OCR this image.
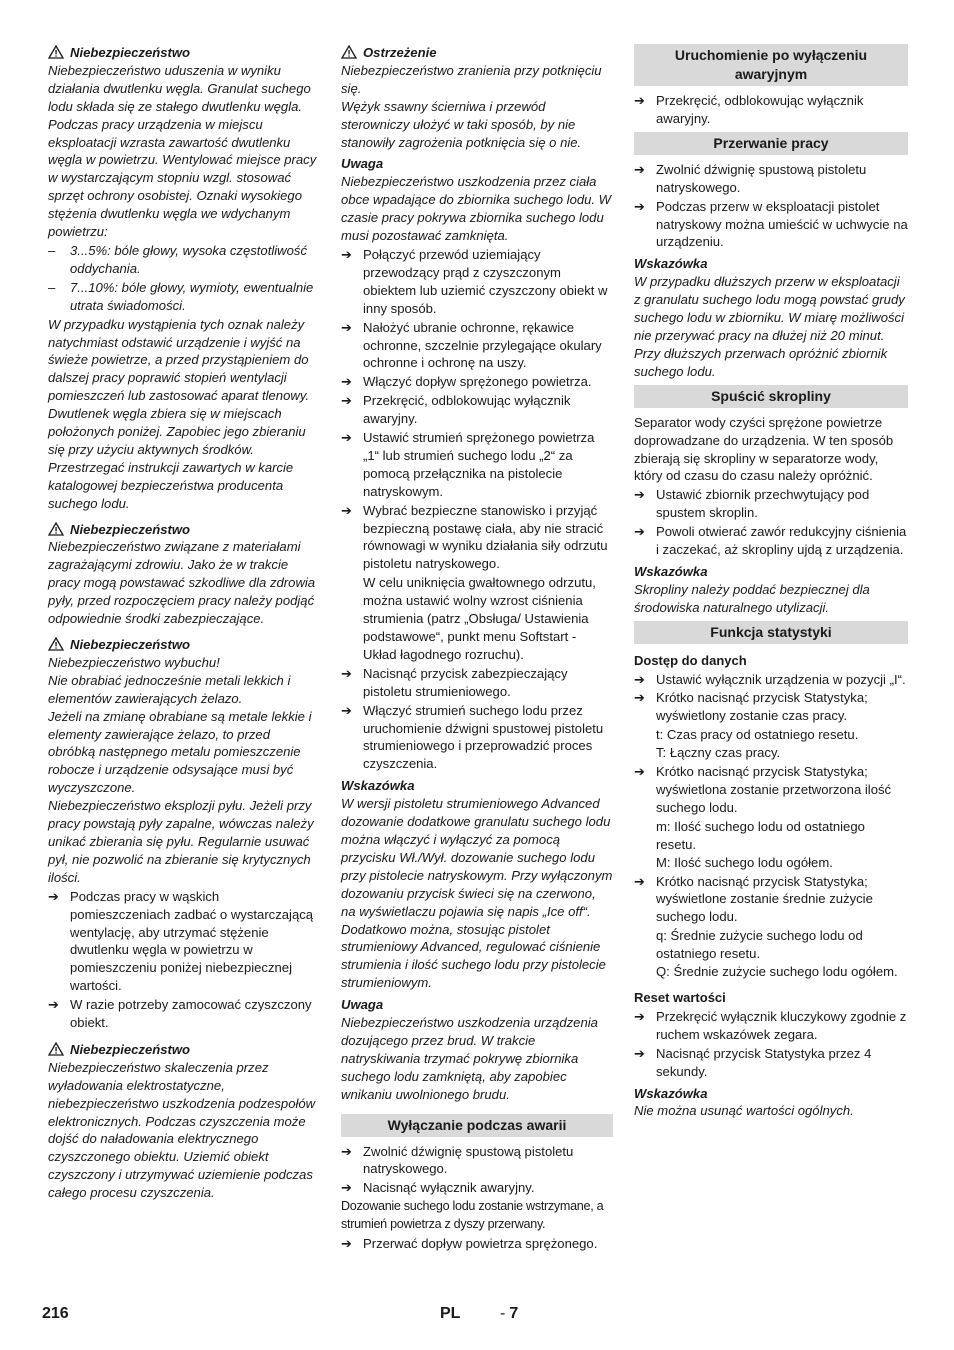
Niebezpieczeństwo

Niebezpieczeństwo uduszenia w wyniku działania dwutlenku węgla. Granulat suchego lodu składa się ze stałego dwutlenku węgla. Podczas pracy urządzenia w miejscu eksploatacji wzrasta zawartość dwutlenku węgla w powietrzu. Wentylować miejsce pracy w wystarczającym stopniu wzgl. stosować sprzęt ochrony osobistej. Oznaki wysokiego stężenia dwutlenku węgla we wdychanym powietrzu:

–	3...5%: bóle głowy, wysoka częstotliwość oddychania.
–	7...10%: bóle głowy, wymioty, ewentualnie utrata świadomości.

W przypadku wystąpienia tych oznak należy natychmiast odstawić urządzenie i wyjść na świeże powietrze, a przed przystąpieniem do dalszej pracy poprawić stopień wentylacji pomieszczeń lub zastosować aparat tlenowy.

Dwutlenek węgla zbiera się w miejscach położonych poniżej. Zapobiec jego zbieraniu się przy użyciu aktywnych środków. Przestrzegać instrukcji zawartych w karcie katalogowej bezpieczeństwa producenta suchego lodu.

Niebezpieczeństwo

Niebezpieczeństwo związane z materiałami zagrażającymi zdrowiu. Jako że w trakcie pracy mogą powstawać szkodliwe dla zdrowia pyły, przed rozpoczęciem pracy należy podjąć odpowiednie środki zabezpieczające.

Niebezpieczeństwo

Niebezpieczeństwo wybuchu!

Nie obrabiać jednocześnie metali lekkich i elementów zawierających żelazo.

Jeżeli na zmianę obrabiane są metale lekkie i elementy zawierające żelazo, to przed obróbką następnego metalu pomieszczenie robocze i urządzenie odsysające musi być wyczyszczone.

Niebezpieczeństwo eksplozji pyłu. Jeżeli przy pracy powstają pyły zapalne, wówczas należy unikać zbierania się pyłu. Regularnie usuwać pył, nie pozwolić na zbieranie się krytycznych ilości.

➔ Podczas pracy w wąskich pomieszczeniach zadbać o wystarczającą wentylację, aby utrzymać stężenie dwutlenku węgla w powietrzu w pomieszczeniu poniżej niebezpiecznej wartości.
➔ W razie potrzeby zamocować czyszczony obiekt.

Niebezpieczeństwo

Niebezpieczeństwo skaleczenia przez wyładowania elektrostatyczne, niebezpieczeństwo uszkodzenia podzespołów elektronicznych. Podczas czyszczenia może dojść do naładowania elektrycznego czyszczonego obiektu. Uziemić obiekt czyszczony i utrzymywać uziemienie podczas całego procesu czyszczenia.

Ostrzeżenie

Niebezpieczeństwo zranienia przy potknięciu się.

Wężyk ssawny ścierniwa i przewód sterowniczy ułożyć w taki sposób, by nie stanowiły zagrożenia potknięcia się o nie.

Uwaga

Niebezpieczeństwo uszkodzenia przez ciała obce wpadające do zbiornika suchego lodu. W czasie pracy pokrywa zbiornika suchego lodu musi pozostawać zamknięta.

➔ Połączyć przewód uziemiający przewodzący prąd z czyszczonym obiektem lub uziemić czyszczony obiekt w inny sposób.
➔ Nałożyć ubranie ochronne, rękawice ochronne, szczelnie przylegające okulary ochronne i ochronę na uszy.
➔ Włączyć dopływ sprężonego powietrza.
➔ Przekręcić, odblokowując wyłącznik awaryjny.
➔ Ustawić strumień sprężonego powietrza „1“ lub strumień suchego lodu „2“ za pomocą przełącznika na pistolecie natryskowym.
➔ Wybrać bezpieczne stanowisko i przyjąć bezpieczną postawę ciała, aby nie stracić równowagi w wyniku działania siły odrzutu pistoletu natryskowego.

W celu uniknięcia gwałtownego odrzutu, można ustawić wolny wzrost ciśnienia strumienia (patrz „Obsługa/ Ustawienia podstawowe“, punkt menu Softstart - Układ łagodnego rozruchu).

➔ Nacisnąć przycisk zabezpieczający pistoletu strumieniowego.
➔ Włączyć strumień suchego lodu przez uruchomienie dźwigni spustowej pistoletu strumieniowego i przeprowadzić proces czyszczenia.

Wskazówka

W wersji pistoletu strumieniowego Advanced dozowanie dodatkowe granulatu suchego lodu można włączyć i wyłączyć za pomocą przycisku Wł./Wył. dozowanie suchego lodu przy pistolecie natryskowym. Przy wyłączonym dozowaniu przycisk świeci się na czerwono, na wyświetlaczu pojawia się napis „Ice off“.

Dodatkowo można, stosując pistolet strumieniowy Advanced, regulować ciśnienie strumienia i ilość suchego lodu przy pistolecie strumieniowym.

Uwaga

Niebezpieczeństwo uszkodzenia urządzenia dozującego przez brud. W trakcie natryskiwania trzymać pokrywę zbiornika suchego lodu zamkniętą, aby zapobiec wnikaniu uwolnionego brudu.

Wyłączanie podczas awarii
➔ Zwolnić dźwignię spustową pistoletu natryskowego.
➔ Nacisnąć wyłącznik awaryjny.

Dozowanie suchego lodu zostanie wstrzymane, a strumień powietrza z dyszy przerwany.

➔ Przerwać dopływ powietrza sprężonego.
Uruchomienie po wyłączeniu awaryjnym
➔ Przekręcić, odblokowując wyłącznik awaryjny.
Przerwanie pracy
➔ Zwolnić dźwignię spustową pistoletu natryskowego.
➔ Podczas przerw w eksploatacji pistolet natryskowy można umieścić w uchwycie na urządzeniu.

Wskazówka

W przypadku dłuższych przerw w eksploatacji z granulatu suchego lodu mogą powstać grudy suchego lodu w zbiorniku. W miarę możliwości nie przerywać pracy na dłużej niż 20 minut. Przy dłuższych przerwach opróżnić zbiornik suchego lodu.

Spuścić skropliny

Separator wody czyści sprężone powietrze doprowadzane do urządzenia. W ten sposób zbierają się skropliny w separatorze wody, który od czasu do czasu należy opróżnić.

➔ Ustawić zbiornik przechwytujący pod spustem skroplin.
➔ Powoli otwierać zawór redukcyjny ciśnienia i zaczekać, aż skropliny ujdą z urządzenia.

Wskazówka

Skropliny należy poddać bezpiecznej dla środowiska naturalnego utylizacji.

Funkcja statystyki

Dostęp do danych

➔ Ustawić wyłącznik urządzenia w pozycji „I“.
➔ Krótko nacisnąć przycisk Statystyka; wyświetlony zostanie czas pracy.

t: Czas pracy od ostatniego resetu.

T: Łączny czas pracy.

➔ Krótko nacisnąć przycisk Statystyka; wyświetlona zostanie przetworzona ilość suchego lodu.

m: Ilość suchego lodu od ostatniego resetu.

M: Ilość suchego lodu ogółem.

➔ Krótko nacisnąć przycisk Statystyka; wyświetlone zostanie średnie zużycie suchego lodu.

q: Średnie zużycie suchego lodu od ostatniego resetu.

Q: Średnie zużycie suchego lodu ogółem.

Reset wartości

➔ Przekręcić wyłącznik kluczykowy zgodnie z ruchem wskazówek zegara.
➔ Nacisnąć przycisk Statystyka przez 4 sekundy.

Wskazówka

Nie można usunąć wartości ogólnych.

216	PL - 7
